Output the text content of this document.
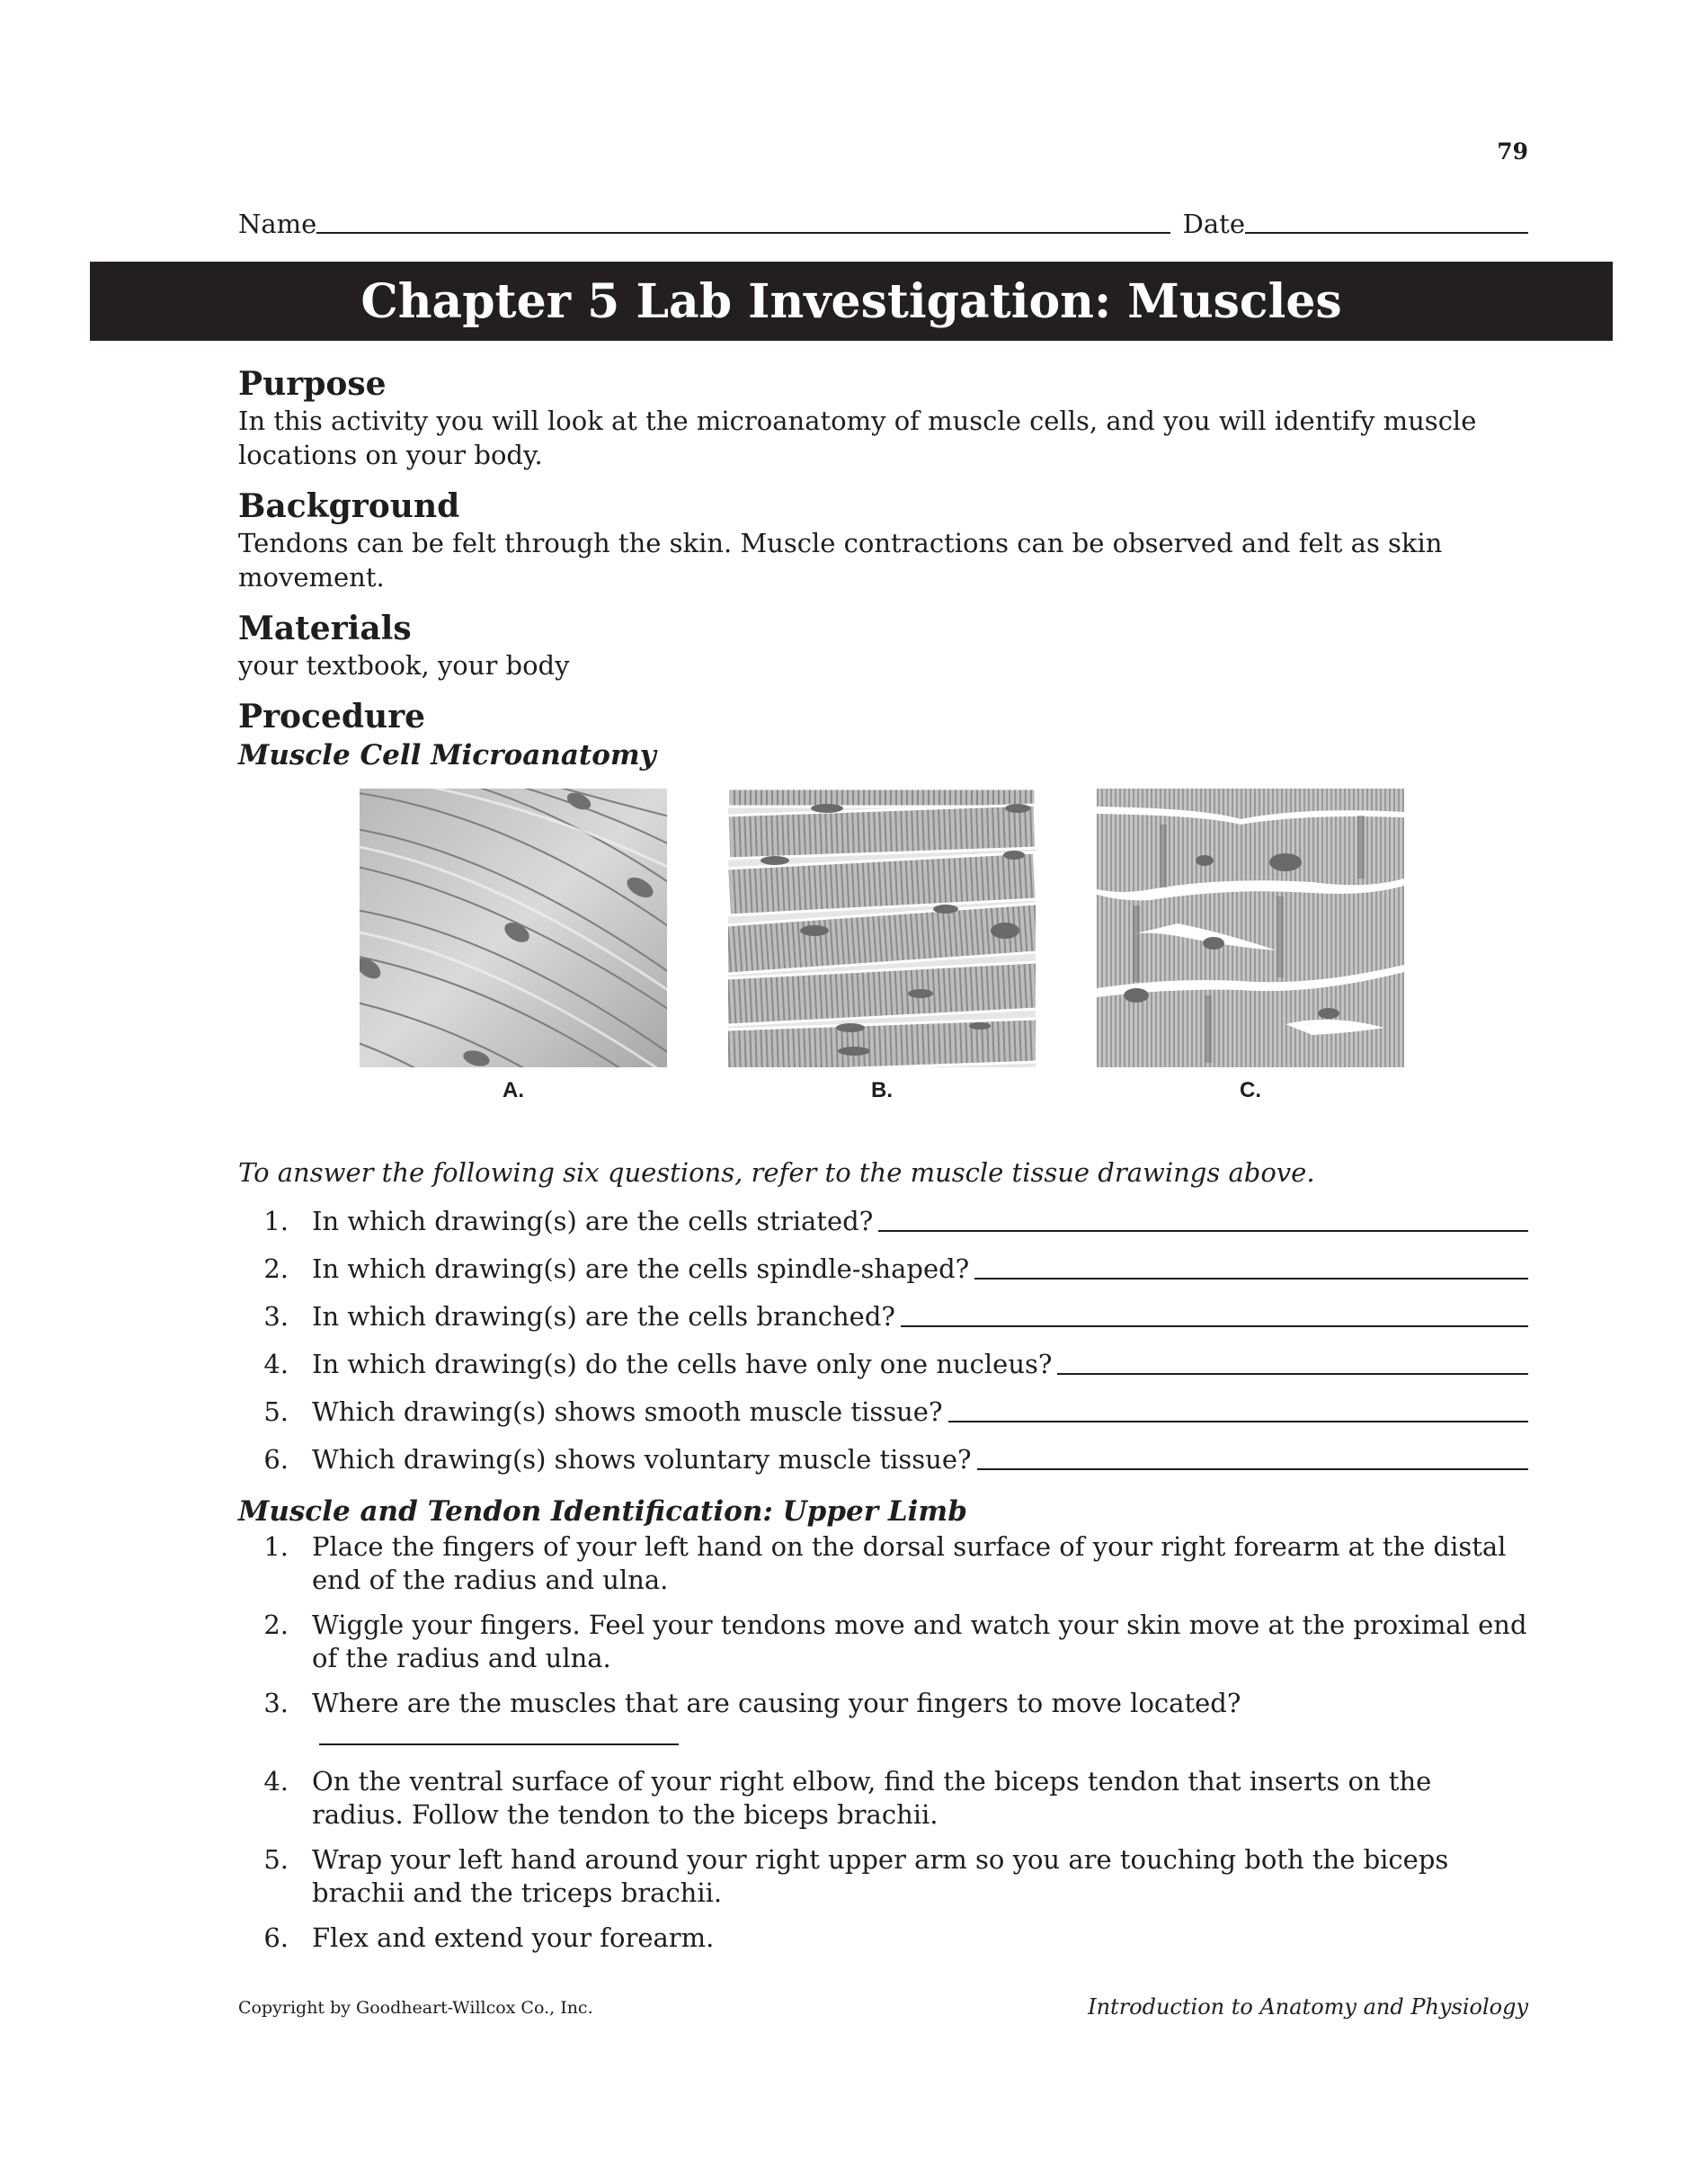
79
Name	Date
Chapter 5 Lab Investigation: Muscles
Purpose

In this activity you will look at the microanatomy of muscle cells, and you will identify muscle locations on your body.

Background

Tendons can be felt through the skin. Muscle contractions can be observed and felt as skin movement.

Materials

your textbook, your body

Procedure

Muscle Cell Microanatomy

A.	B.	C.

To answer the following six questions, refer to the muscle tissue drawings above.

1. In which drawing(s) are the cells striated?
2. In which drawing(s) are the cells spindle-shaped?
3. In which drawing(s) are the cells branched?
4. In which drawing(s) do the cells have only one nucleus?
5. Which drawing(s) shows smooth muscle tissue?
6. Which drawing(s) shows voluntary muscle tissue?

Muscle and Tendon Identification: Upper Limb

1. Place the fingers of your left hand on the dorsal surface of your right forearm at the distal end of the radius and ulna.
2. Wiggle your fingers. Feel your tendons move and watch your skin move at the proximal end of the radius and ulna.
3. Where are the muscles that are causing your fingers to move located?
4. On the ventral surface of your right elbow, find the biceps tendon that inserts on the radius. Follow the tendon to the biceps brachii.
5. Wrap your left hand around your right upper arm so you are touching both the biceps brachii and the triceps brachii.
6. Flex and extend your forearm.
Copyright by Goodheart-Willcox Co., Inc.	Introduction to Anatomy and Physiology
